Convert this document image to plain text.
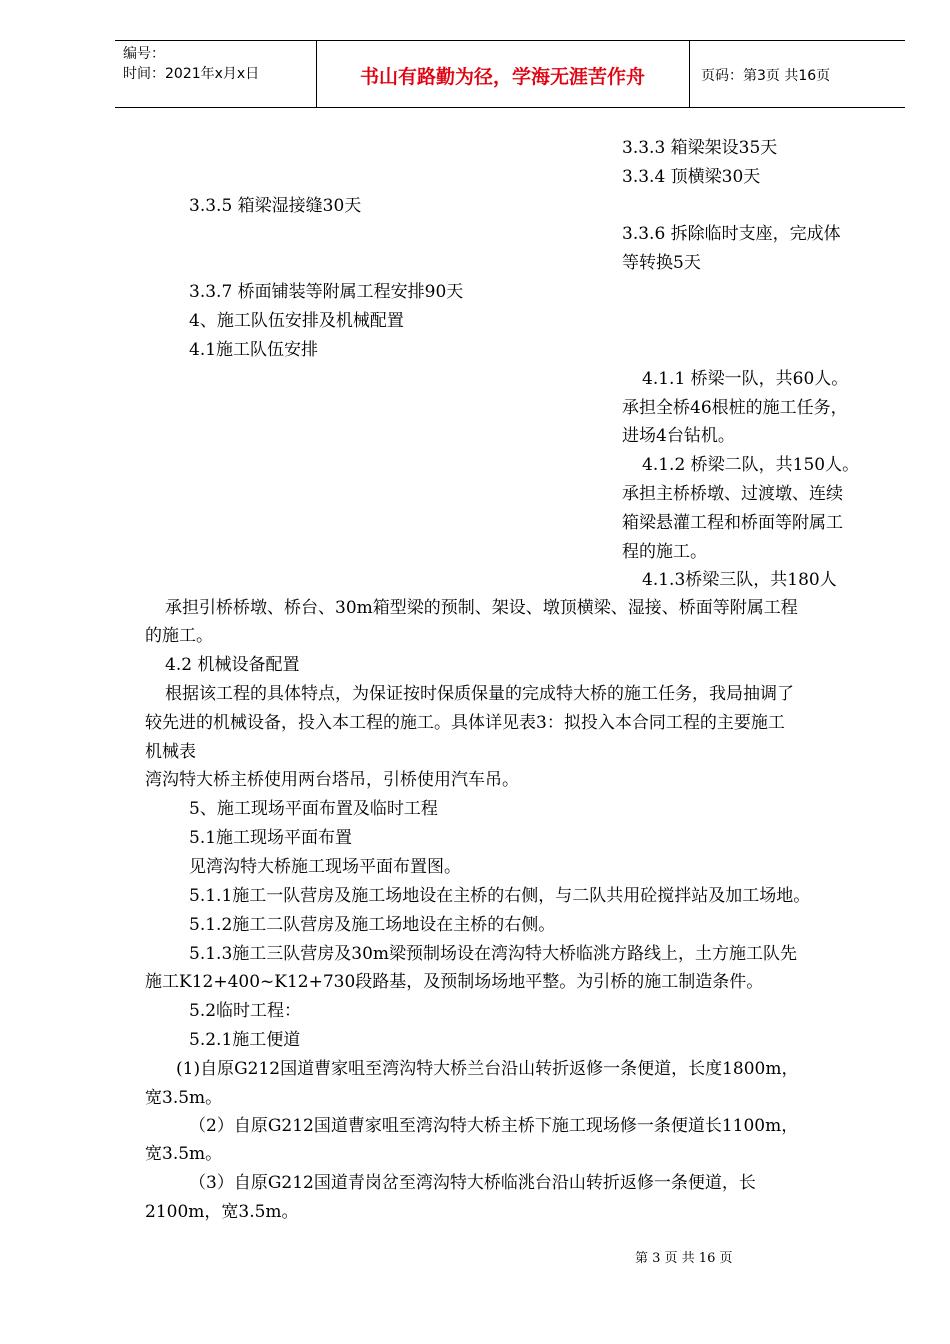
编号：
时间：2021年x月x日	书山有路勤为径，学海无涯苦作舟	页码：第3页 共16页
3.3.3 箱梁架设35天
3.3.4 顶横梁30天
3.3.5 箱梁湿接缝30天
3.3.6 拆除临时支座，完成体
等转换5天
3.3.7 桥面铺装等附属工程安排90天
4、施工队伍安排及机械配置
4.1施工队伍安排
4.1.1 桥梁一队，共60人。
承担全桥46根桩的施工任务，
进场4台钻机。
4.1.2 桥梁二队，共150人。
承担主桥桥墩、过渡墩、连续
箱梁悬灌工程和桥面等附属工
程的施工。
4.1.3桥梁三队，共180人
承担引桥桥墩、桥台、30m箱型梁的预制、架设、墩顶横梁、湿接、桥面等附属工程
的施工。
4.2 机械设备配置
根据该工程的具体特点，为保证按时保质保量的完成特大桥的施工任务，我局抽调了
较先进的机械设备，投入本工程的施工。具体详见表3：拟投入本合同工程的主要施工
机械表
湾沟特大桥主桥使用两台塔吊，引桥使用汽车吊。
5、施工现场平面布置及临时工程
5.1施工现场平面布置
见湾沟特大桥施工现场平面布置图。
5.1.1施工一队营房及施工场地设在主桥的右侧，与二队共用砼搅拌站及加工场地。
5.1.2施工二队营房及施工场地设在主桥的右侧。
5.1.3施工三队营房及30m梁预制场设在湾沟特大桥临洮方路线上，土方施工队先
施工K12+400~K12+730段路基，及预制场场地平整。为引桥的施工制造条件。
5.2临时工程：
5.2.1施工便道
(1)自原G212国道曹家咀至湾沟特大桥兰台沿山转折返修一条便道，长度1800m，
宽3.5m。
（2）自原G212国道曹家咀至湾沟特大桥主桥下施工现场修一条便道长1100m，
宽3.5m。
（3）自原G212国道青岗岔至湾沟特大桥临洮台沿山转折返修一条便道，长
2100m，宽3.5m。
第 3 页 共 16 页
